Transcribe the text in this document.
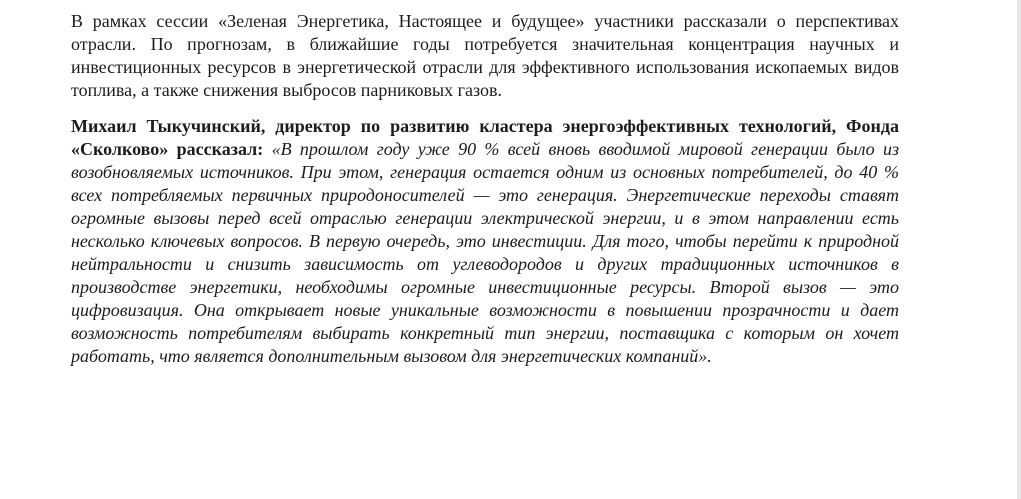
В рамках сессии «Зеленая Энергетика, Настоящее и будущее» участники рассказали о перспективах отрасли. По прогнозам, в ближайшие годы потребуется значительная концентрация научных и инвестиционных ресурсов в энергетической отрасли для эффективного использования ископаемых видов топлива, а также снижения выбросов парниковых газов.

Михаил Тыкучинский, директор по развитию кластера энергоэффективных технологий, Фонда «Сколково» рассказал: «В прошлом году уже 90 % всей вновь вводимой мировой генерации было из возобновляемых источников. При этом, генерация остается одним из основных потребителей, до 40 % всех потребляемых первичных природоносителей — это генерация. Энергетические переходы ставят огромные вызовы перед всей отраслью генерации электрической энергии, и в этом направлении есть несколько ключевых вопросов. В первую очередь, это инвестиции. Для того, чтобы перейти к природной нейтральности и снизить зависимость от углеводородов и других традиционных источников в производстве энергетики, необходимы огромные инвестиционные ресурсы. Второй вызов — это цифровизация. Она открывает новые уникальные возможности в повышении прозрачности и дает возможность потребителям выбирать конкретный тип энергии, поставщика с которым он хочет работать, что является дополнительным вызовом для энергетических компаний».
